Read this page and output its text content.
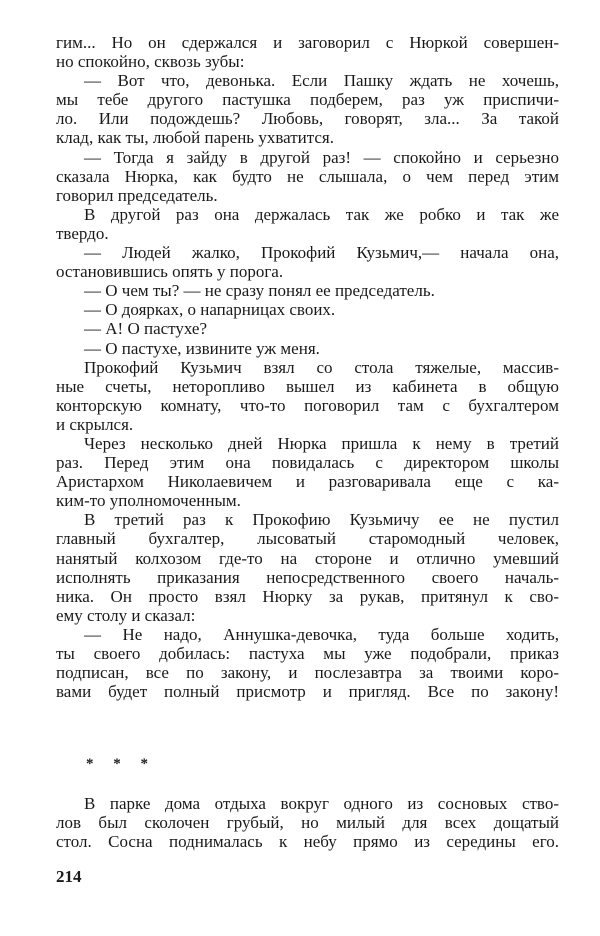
гим... Но он сдержался и заговорил с Нюркой совершен-
но спокойно, сквозь зубы:
— Вот что, девонька. Если Пашку ждать не хочешь,
мы тебе другого пастушка подберем, раз уж приспичи-
ло. Или подождешь? Любовь, говорят, зла... За такой
клад, как ты, любой парень ухватится.
— Тогда я зайду в другой раз! — спокойно и серьезно
сказала Нюрка, как будто не слышала, о чем перед этим
говорил председатель.
В другой раз она держалась так же робко и так же
твердо.
— Людей жалко, Прокофий Кузьмич,— начала она,
остановившись опять у порога.
— О чем ты? — не сразу понял ее председатель.
— О доярках, о напарницах своих.
— А! О пастухе?
— О пастухе, извините уж меня.
Прокофий Кузьмич взял со стола тяжелые, массив-
ные счеты, неторопливо вышел из кабинета в общую
конторскую комнату, что-то поговорил там с бухгалтером
и скрылся.
Через несколько дней Нюрка пришла к нему в третий
раз. Перед этим она повидалась с директором школы
Аристархом Николаевичем и разговаривала еще с ка-
ким-то уполномоченным.
В третий раз к Прокофию Кузьмичу ее не пустил
главный бухгалтер, лысоватый старомодный человек,
нанятый колхозом где-то на стороне и отлично умевший
исполнять приказания непосредственного своего началь-
ника. Он просто взял Нюрку за рукав, притянул к сво-
ему столу и сказал:
— Не надо, Аннушка-девочка, туда больше ходить,
ты своего добилась: пастуха мы уже подобрали, приказ
подписан, все по закону, и послезавтра за твоими коро-
вами будет полный присмотр и пригляд. Все по закону!
* * *
В парке дома отдыха вокруг одного из сосновых ство-
лов был сколочен грубый, но милый для всех дощатый
стол. Сосна поднималась к небу прямо из середины его.
214
